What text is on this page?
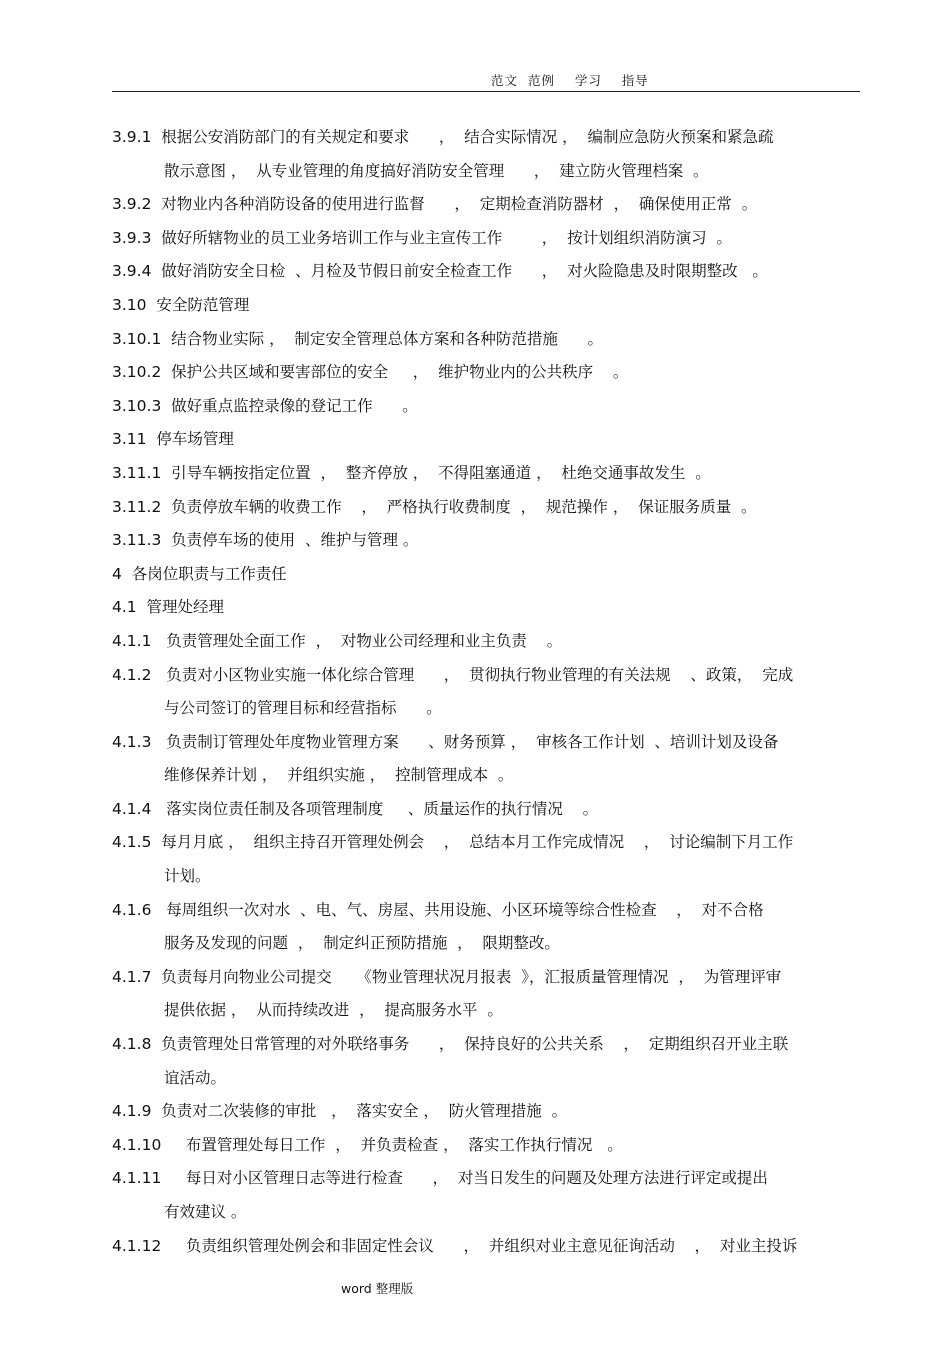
范文  范例    学习    指导
3.9.1  根据公安消防部门的有关规定和要求      ，  结合实际情况 ，  编制应急防火预案和紧急疏
散示意图 ，  从专业管理的角度搞好消防安全管理      ，  建立防火管理档案  。
3.9.2  对物业内各种消防设备的使用进行监督      ，  定期检查消防器材  ，  确保使用正常  。
3.9.3  做好所辖物业的员工业务培训工作与业主宣传工作        ，  按计划组织消防演习  。
3.9.4  做好消防安全日检  、月检及节假日前安全检查工作      ，  对火险隐患及时限期整改   。
3.10  安全防范管理
3.10.1  结合物业实际 ，  制定安全管理总体方案和各种防范措施      。
3.10.2  保护公共区域和要害部位的安全     ，  维护物业内的公共秩序    。
3.10.3  做好重点监控录像的登记工作      。
3.11  停车场管理
3.11.1  引导车辆按指定位置  ，  整齐停放 ，  不得阻塞通道 ，  杜绝交通事故发生  。
3.11.2  负责停放车辆的收费工作    ，  严格执行收费制度  ，  规范操作 ，  保证服务质量  。
3.11.3  负责停车场的使用  、维护与管理 。
4  各岗位职责与工作责任
4.1  管理处经理
4.1.1   负责管理处全面工作  ，  对物业公司经理和业主负责    。
4.1.2   负责对小区物业实施一体化综合管理      ，  贯彻执行物业管理的有关法规    、政策，  完成
与公司签订的管理目标和经营指标      。
4.1.3   负责制订管理处年度物业管理方案      、财务预算 ，  审核各工作计划  、培训计划及设备
维修保养计划 ，  并组织实施 ，  控制管理成本  。
4.1.4   落实岗位责任制及各项管理制度     、质量运作的执行情况    。
4.1.5  每月月底 ，  组织主持召开管理处例会    ，  总结本月工作完成情况    ，  讨论编制下月工作
计划。
4.1.6   每周组织一次对水  、电、气、房屋、共用设施、小区环境等综合性检查    ，  对不合格
服务及发现的问题  ，  制定纠正预防措施  ，  限期整改。
4.1.7  负责每月向物业公司提交     《物业管理状况月报表  》，汇报质量管理情况  ，  为管理评审
提供依据 ，  从而持续改进  ，  提高服务水平  。
4.1.8  负责管理处日常管理的对外联络事务      ，  保持良好的公共关系    ，  定期组织召开业主联
谊活动。
4.1.9  负责对二次装修的审批   ，  落实安全 ，  防火管理措施  。
4.1.10     布置管理处每日工作  ，  并负责检查 ，  落实工作执行情况   。
4.1.11     每日对小区管理日志等进行检查      ，  对当日发生的问题及处理方法进行评定或提出
有效建议 。
4.1.12     负责组织管理处例会和非固定性会议      ，  并组织对业主意见征询活动    ，  对业主投诉
word 整理版
